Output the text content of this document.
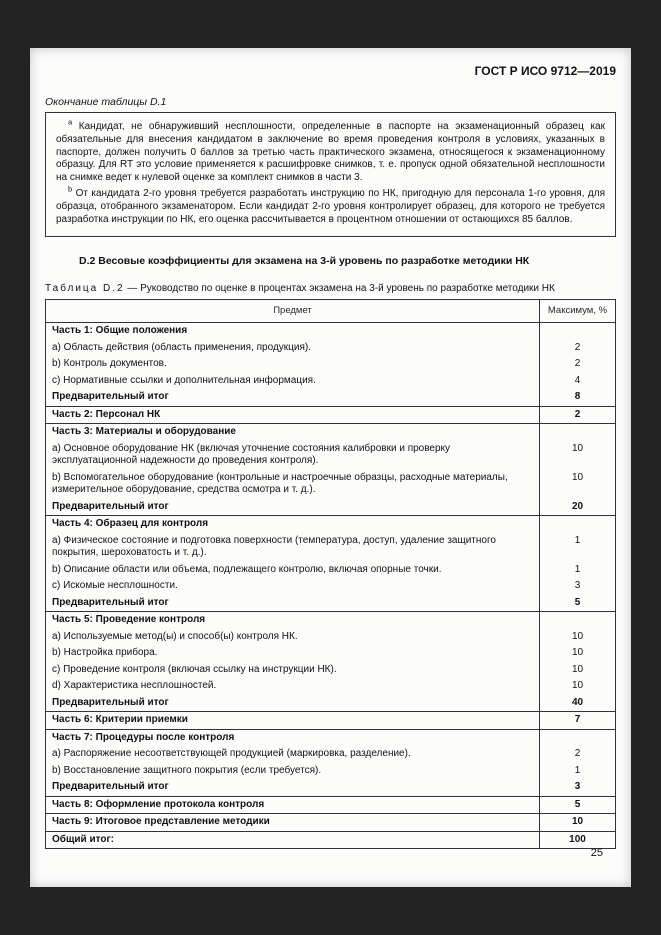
ГОСТ Р ИСО 9712—2019
Окончание таблицы D.1

$^a$ Кандидат, не обнаруживший несплошности, определенные в паспорте на экзаменационный образец как обязательные для внесения кандидатом в заключение во время проведения контроля в условиях, указанных в паспорте, должен получить 0 баллов за третью часть практического экзамена, относящегося к экзаменационному образцу. Для RT это условие применяется к расшифровке снимков, т. е. пропуск одной обязательной несплошности на снимке ведет к нулевой оценке за комплект снимков в части 3.

$^b$ От кандидата 2-го уровня требуется разработать инструкцию по НК, пригодную для персонала 1-го уровня, для образца, отобранного экзаменатором. Если кандидат 2-го уровня контролирует образец, для которого не требуется разработка инструкции по НК, его оценка рассчитывается в процентном отношении от остающихся 85 баллов.

D.2 Весовые коэффициенты для экзамена на 3-й уровень по разработке методики НК
Таблица D.2 — Руководство по оценке в процентах экзамена на 3-й уровень по разработке методики НК
Предмет	Максимум, %
Часть 1: Общие положения	
a) Область действия (область применения, продукция).	2
b) Контроль документов.	2
c) Нормативные ссылки и дополнительная информация.	4
Предварительный итог	8
Часть 2: Персонал НК	2
Часть 3: Материалы и оборудование	
a) Основное оборудование НК (включая уточнение состояния калибровки и проверку эксплуатационной надежности до проведения контроля).	10
b) Вспомогательное оборудование (контрольные и настроечные образцы, расходные материалы, измерительное оборудование, средства осмотра и т. д.).	10
Предварительный итог	20
Часть 4: Образец для контроля	
a) Физическое состояние и подготовка поверхности (температура, доступ, удаление защитного покрытия, шероховатость и т. д.).	1
b) Описание области или объема, подлежащего контролю, включая опорные точки.	1
c) Искомые несплошности.	3
Предварительный итог	5
Часть 5: Проведение контроля	
a) Используемые метод(ы) и способ(ы) контроля НК.	10
b) Настройка прибора.	10
c) Проведение контроля (включая ссылку на инструкции НК).	10
d) Характеристика несплошностей.	10
Предварительный итог	40
Часть 6: Критерии приемки	7
Часть 7: Процедуры после контроля	
a) Распоряжение несоответствующей продукцией (маркировка, разделение).	2
b) Восстановление защитного покрытия (если требуется).	1
Предварительный итог	3
Часть 8: Оформление протокола контроля	5
Часть 9: Итоговое представление методики	10
Общий итог:	100
25
